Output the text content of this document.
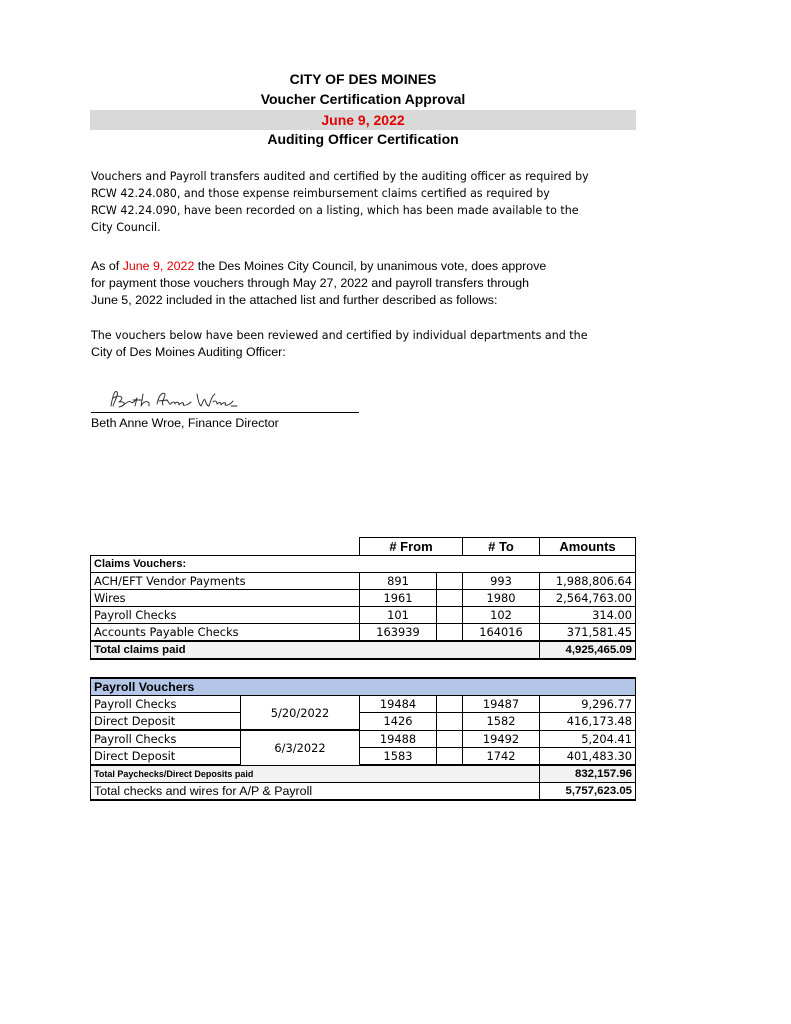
CITY OF DES MOINES
Voucher Certification Approval
June 9, 2022
Auditing Officer Certification
Vouchers and Payroll transfers audited and certified by the auditing officer as required by
RCW 42.24.080, and those expense reimbursement claims certified as required by
RCW 42.24.090, have been recorded on a listing, which has been made available to the
City Council.
As of June 9, 2022 the Des Moines City Council, by unanimous vote, does approve
for payment those vouchers through May 27, 2022 and payroll transfers through
June 5, 2022 included in the attached list and further described as follows:
The vouchers below have been reviewed and certified by individual departments and the
City of Des Moines Auditing Officer:
Beth Anne Wroe, Finance Director
	# From		# To	Amounts
Claims Vouchers:				
ACH/EFT Vendor Payments	891		993	1,988,806.64
Wires	1961		1980	2,564,763.00
Payroll Checks	101		102	314.00
Accounts Payable Checks	163939		164016	371,581.45
Total claims paid				4,925,465.09
Payroll Vouchers					
Payroll Checks	5/20/2022	19484		19487	9,296.77
Direct Deposit		1426		1582	416,173.48
Payroll Checks	6/3/2022	19488		19492	5,204.41
Direct Deposit		1583		1742	401,483.30
Total Paychecks/Direct Deposits paid					832,157.96
Total checks and wires for A/P & Payroll					5,757,623.05
